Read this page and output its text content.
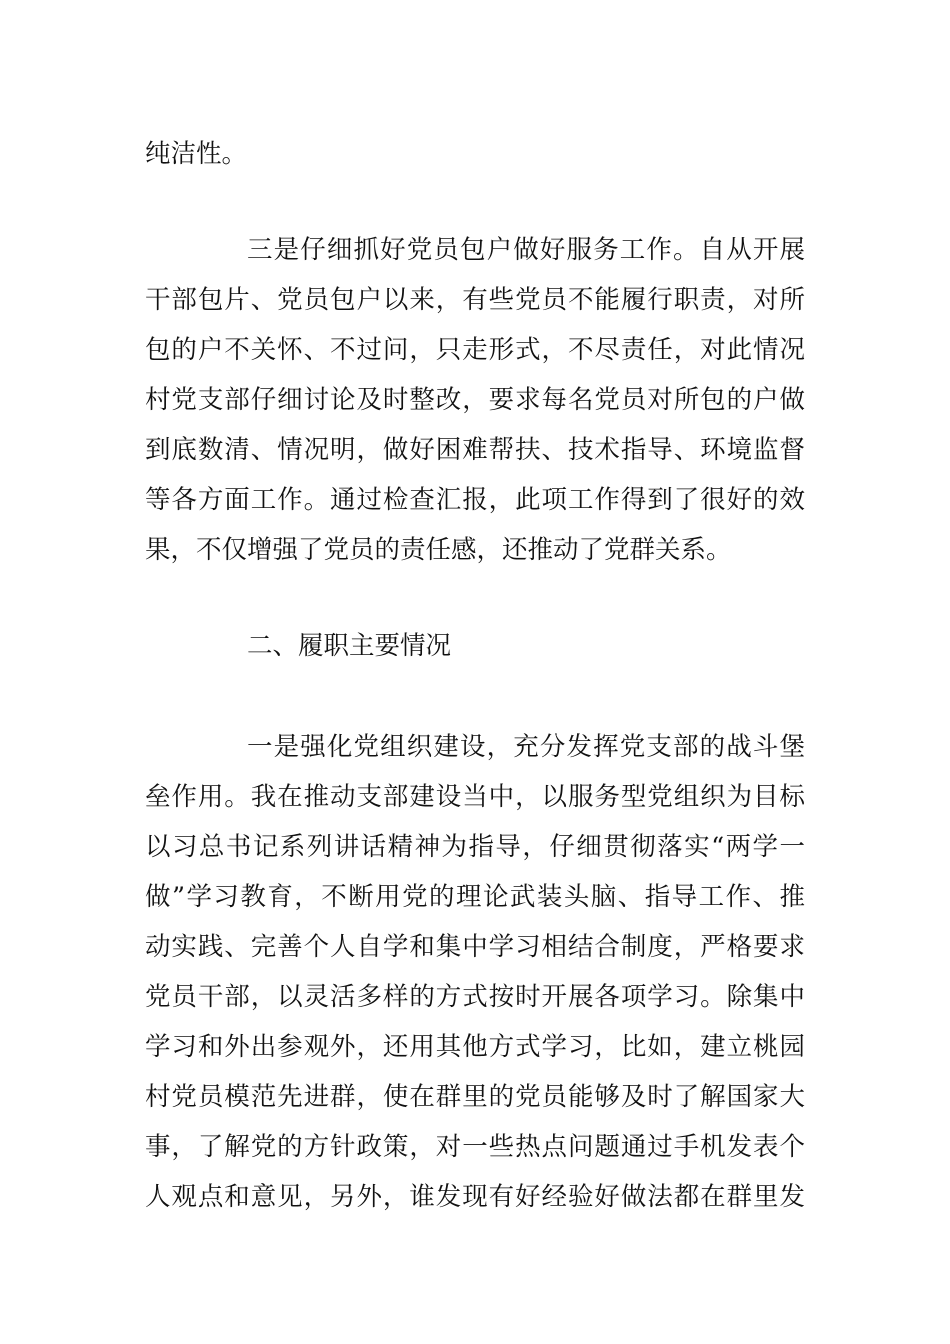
纯洁性。
三是仔细抓好党员包户做好服务工作。自从开展
干部包片、党员包户以来，有些党员不能履行职责，对所
包的户不关怀、不过问，只走形式，不尽责任，对此情况
村党支部仔细讨论及时整改，要求每名党员对所包的户做
到底数清、情况明，做好困难帮扶、技术指导、环境监督
等各方面工作。通过检查汇报，此项工作得到了很好的效
果，不仅增强了党员的责任感，还推动了党群关系。
二、履职主要情况
一是强化党组织建设，充分发挥党支部的战斗堡
垒作用。我在推动支部建设当中，以服务型党组织为目标
以习总书记系列讲话精神为指导，仔细贯彻落实“两学一
做”学习教育，不断用党的理论武装头脑、指导工作、推
动实践、完善个人自学和集中学习相结合制度，严格要求
党员干部，以灵活多样的方式按时开展各项学习。除集中
学习和外出参观外，还用其他方式学习，比如，建立桃园
村党员模范先进群，使在群里的党员能够及时了解国家大
事，了解党的方针政策，对一些热点问题通过手机发表个
人观点和意见，另外，谁发现有好经验好做法都在群里发
